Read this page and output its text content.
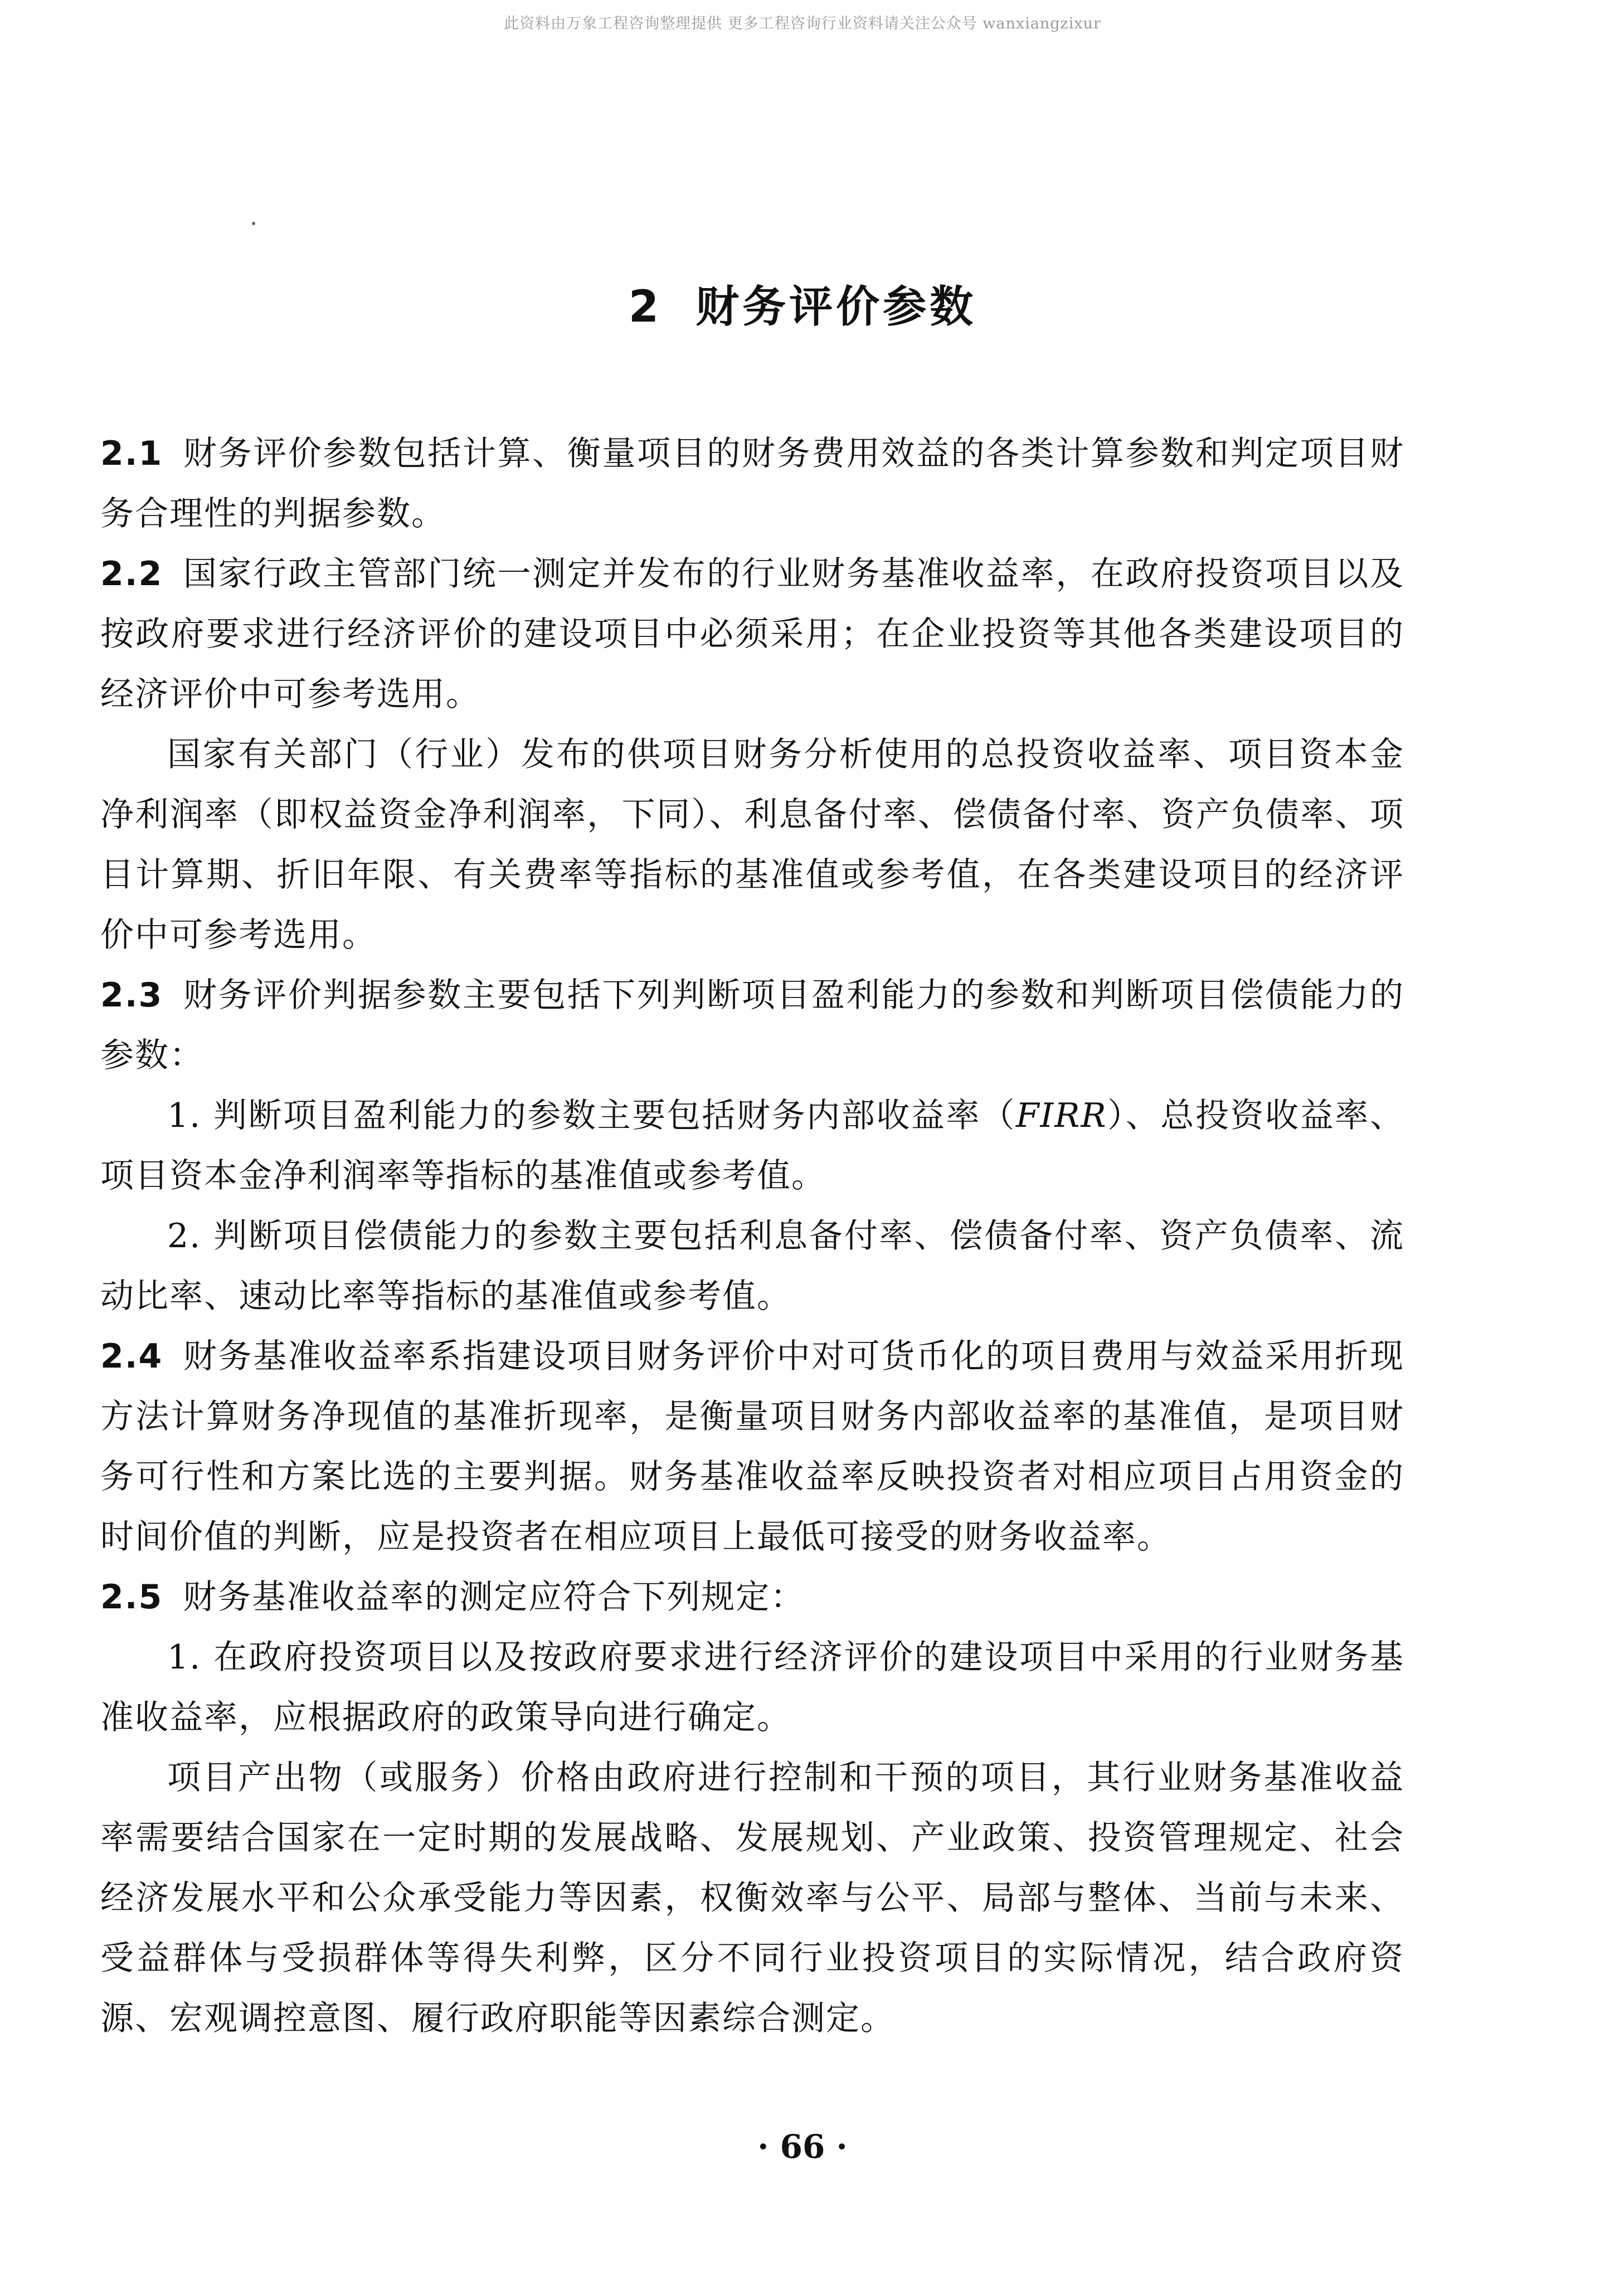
此资料由万象工程咨询整理提供 更多工程咨询行业资料请关注公众号 wanxiangzixur
2 财务评价参数

2.1 财务评价参数包括计算、衡量项目的财务费用效益的各类计算参数和判定项目财务合理性的判据参数。

2.2 国家行政主管部门统一测定并发布的行业财务基准收益率，在政府投资项目以及按政府要求进行经济评价的建设项目中必须采用；在企业投资等其他各类建设项目的经济评价中可参考选用。

国家有关部门（行业）发布的供项目财务分析使用的总投资收益率、项目资本金净利润率（即权益资金净利润率，下同）、利息备付率、偿债备付率、资产负债率、项目计算期、折旧年限、有关费率等指标的基准值或参考值，在各类建设项目的经济评价中可参考选用。

2.3 财务评价判据参数主要包括下列判断项目盈利能力的参数和判断项目偿债能力的参数：

1. 判断项目盈利能力的参数主要包括财务内部收益率（FIRR）、总投资收益率、项目资本金净利润率等指标的基准值或参考值。

2. 判断项目偿债能力的参数主要包括利息备付率、偿债备付率、资产负债率、流动比率、速动比率等指标的基准值或参考值。

2.4 财务基准收益率系指建设项目财务评价中对可货币化的项目费用与效益采用折现方法计算财务净现值的基准折现率，是衡量项目财务内部收益率的基准值，是项目财务可行性和方案比选的主要判据。财务基准收益率反映投资者对相应项目占用资金的时间价值的判断，应是投资者在相应项目上最低可接受的财务收益率。

2.5 财务基准收益率的测定应符合下列规定：

1. 在政府投资项目以及按政府要求进行经济评价的建设项目中采用的行业财务基准收益率，应根据政府的政策导向进行确定。

项目产出物（或服务）价格由政府进行控制和干预的项目，其行业财务基准收益率需要结合国家在一定时期的发展战略、发展规划、产业政策、投资管理规定、社会经济发展水平和公众承受能力等因素，权衡效率与公平、局部与整体、当前与未来、受益群体与受损群体等得失利弊，区分不同行业投资项目的实际情况，结合政府资源、宏观调控意图、履行政府职能等因素综合测定。

· 66 ·
